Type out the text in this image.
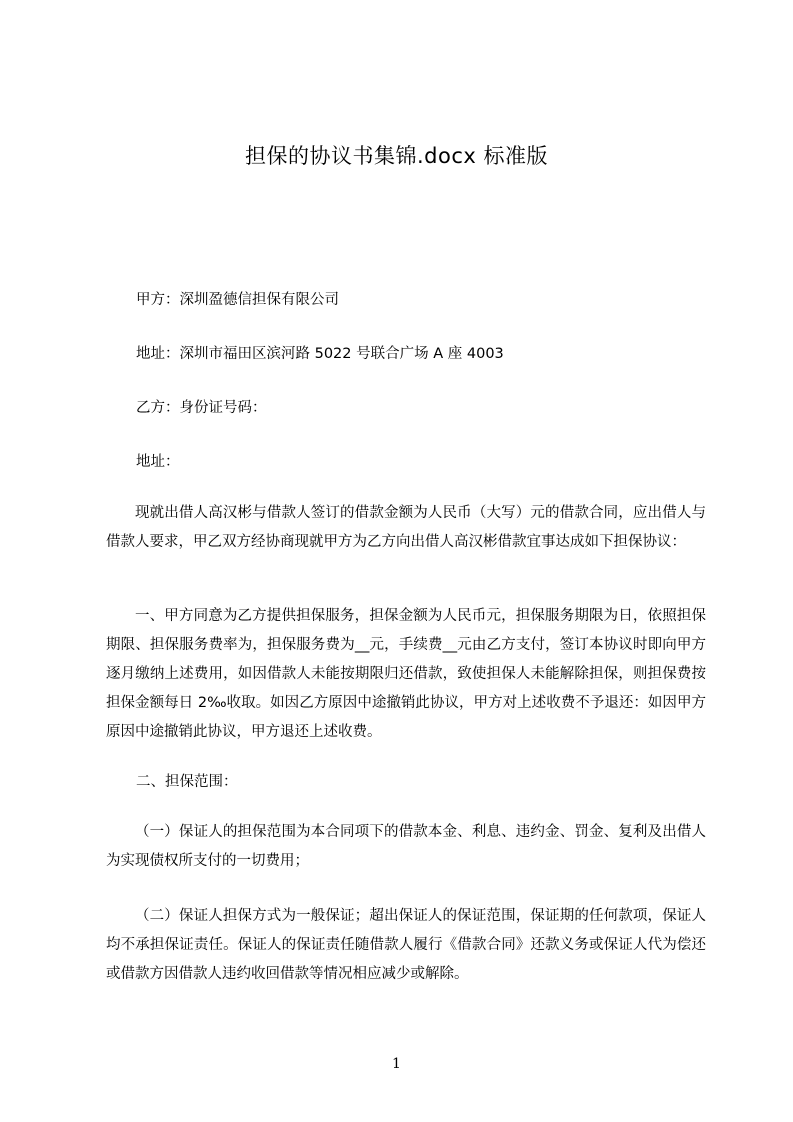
担保的协议书集锦.docx 标准版
甲方：深圳盈德信担保有限公司
地址：深圳市福田区滨河路 5022 号联合广场 A 座 4003
乙方：身份证号码：
地址：

现就出借人高汉彬与借款人签订的借款金额为人民币（大写）元的借款合同，应出借人与借款人要求，甲乙双方经协商现就甲方为乙方向出借人高汉彬借款宜事达成如下担保协议：

一、甲方同意为乙方提供担保服务，担保金额为人民币元，担保服务期限为日，依照担保期限、担保服务费率为，担保服务费为__元，手续费__元由乙方支付，签订本协议时即向甲方逐月缴纳上述费用，如因借款人未能按期限归还借款，致使担保人未能解除担保，则担保费按担保金额每日 2‰收取。如因乙方原因中途撤销此协议，甲方对上述收费不予退还：如因甲方原因中途撤销此协议，甲方退还上述收费。

二、担保范围：

（一）保证人的担保范围为本合同项下的借款本金、利息、违约金、罚金、复利及出借人为实现债权所支付的一切费用；

（二）保证人担保方式为一般保证；超出保证人的保证范围，保证期的任何款项，保证人均不承担保证责任。保证人的保证责任随借款人履行《借款合同》还款义务或保证人代为偿还或借款方因借款人违约收回借款等情况相应减少或解除。

1
